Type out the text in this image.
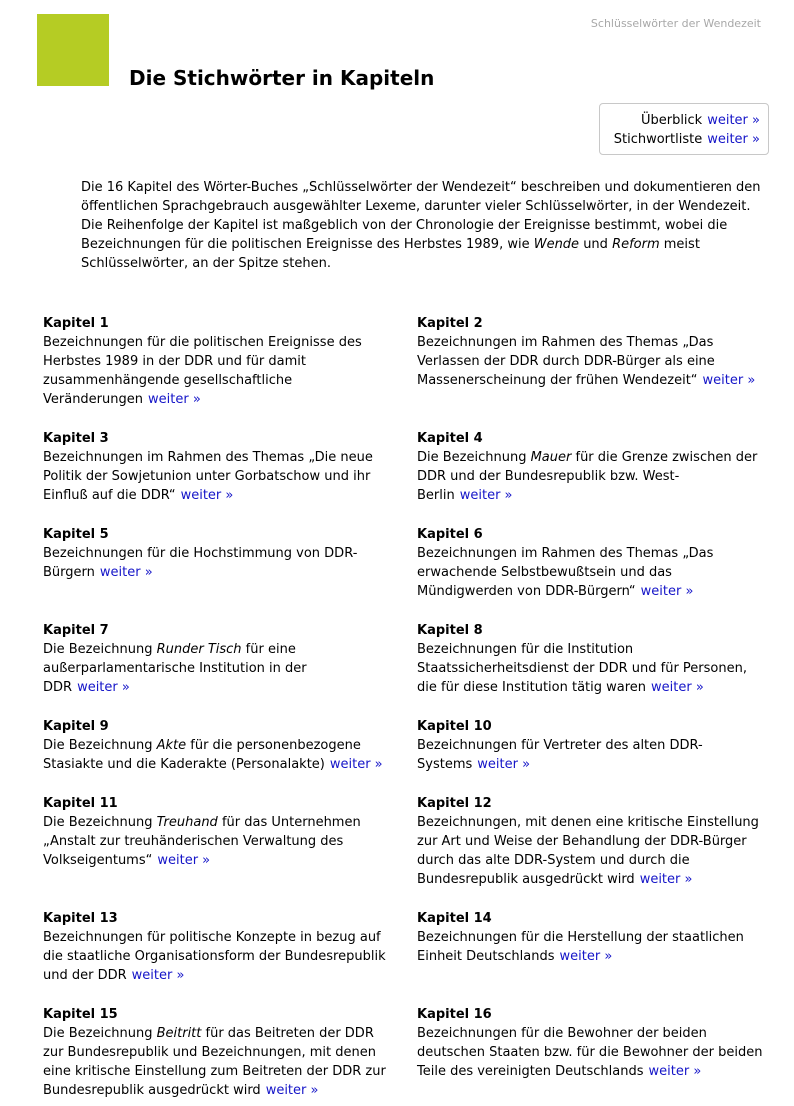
Schlüsselwörter der Wendezeit
Die Stichwörter in Kapiteln
Überblick weiter »
Stichwortliste weiter »

Die 16 Kapitel des Wörter-Buches „Schlüsselwörter der Wendezeit“ beschreiben und dokumentieren den öffentlichen Sprachgebrauch ausgewählter Lexeme, darunter vieler Schlüsselwörter, in der Wendezeit. Die Reihenfolge der Kapitel ist maßgeblich von der Chronologie der Ereignisse bestimmt, wobei die Bezeichnungen für die politischen Ereignisse des Herbstes 1989, wie Wende und Reform meist Schlüsselwörter, an der Spitze stehen.

Kapitel 1
Bezeichnungen für die politischen Ereignisse des Herbstes 1989 in der DDR und für damit zusammenhängende gesellschaftliche Veränderungen weiter »
Kapitel 2
Bezeichnungen im Rahmen des Themas „Das Verlassen der DDR durch DDR-Bürger als eine Massenerscheinung der frühen Wendezeit“ weiter »
Kapitel 3
Bezeichnungen im Rahmen des Themas „Die neue Politik der Sowjetunion unter Gorbatschow und ihr Einfluß auf die DDR“ weiter »
Kapitel 4
Die Bezeichnung Mauer für die Grenze zwischen der DDR und der Bundesrepublik bzw. West-Berlin weiter »
Kapitel 5
Bezeichnungen für die Hochstimmung von DDR-Bürgern weiter »
Kapitel 6
Bezeichnungen im Rahmen des Themas „Das erwachende Selbstbewußtsein und das Mündigwerden von DDR-Bürgern“ weiter »
Kapitel 7
Die Bezeichnung Runder Tisch für eine außerparlamentarische Institution in der DDR weiter »
Kapitel 8
Bezeichnungen für die Institution Staatssicherheitsdienst der DDR und für Personen, die für diese Institution tätig waren weiter »
Kapitel 9
Die Bezeichnung Akte für die personenbezogene Stasiakte und die Kaderakte (Personalakte) weiter »
Kapitel 10
Bezeichnungen für Vertreter des alten DDR-Systems weiter »
Kapitel 11
Die Bezeichnung Treuhand für das Unternehmen „Anstalt zur treuhänderischen Verwaltung des Volkseigentums“ weiter »
Kapitel 12
Bezeichnungen, mit denen eine kritische Einstellung zur Art und Weise der Behandlung der DDR-Bürger durch das alte DDR-System und durch die Bundesrepublik ausgedrückt wird weiter »
Kapitel 13
Bezeichnungen für politische Konzepte in bezug auf die staatliche Organisationsform der Bundesrepublik und der DDR weiter »
Kapitel 14
Bezeichnungen für die Herstellung der staatlichen Einheit Deutschlands weiter »
Kapitel 15
Die Bezeichnung Beitritt für das Beitreten der DDR zur Bundesrepublik und Bezeichnungen, mit denen eine kritische Einstellung zum Beitreten der DDR zur Bundesrepublik ausgedrückt wird weiter »
Kapitel 16
Bezeichnungen für die Bewohner der beiden deutschen Staaten bzw. für die Bewohner der beiden Teile des vereinigten Deutschlands weiter »
